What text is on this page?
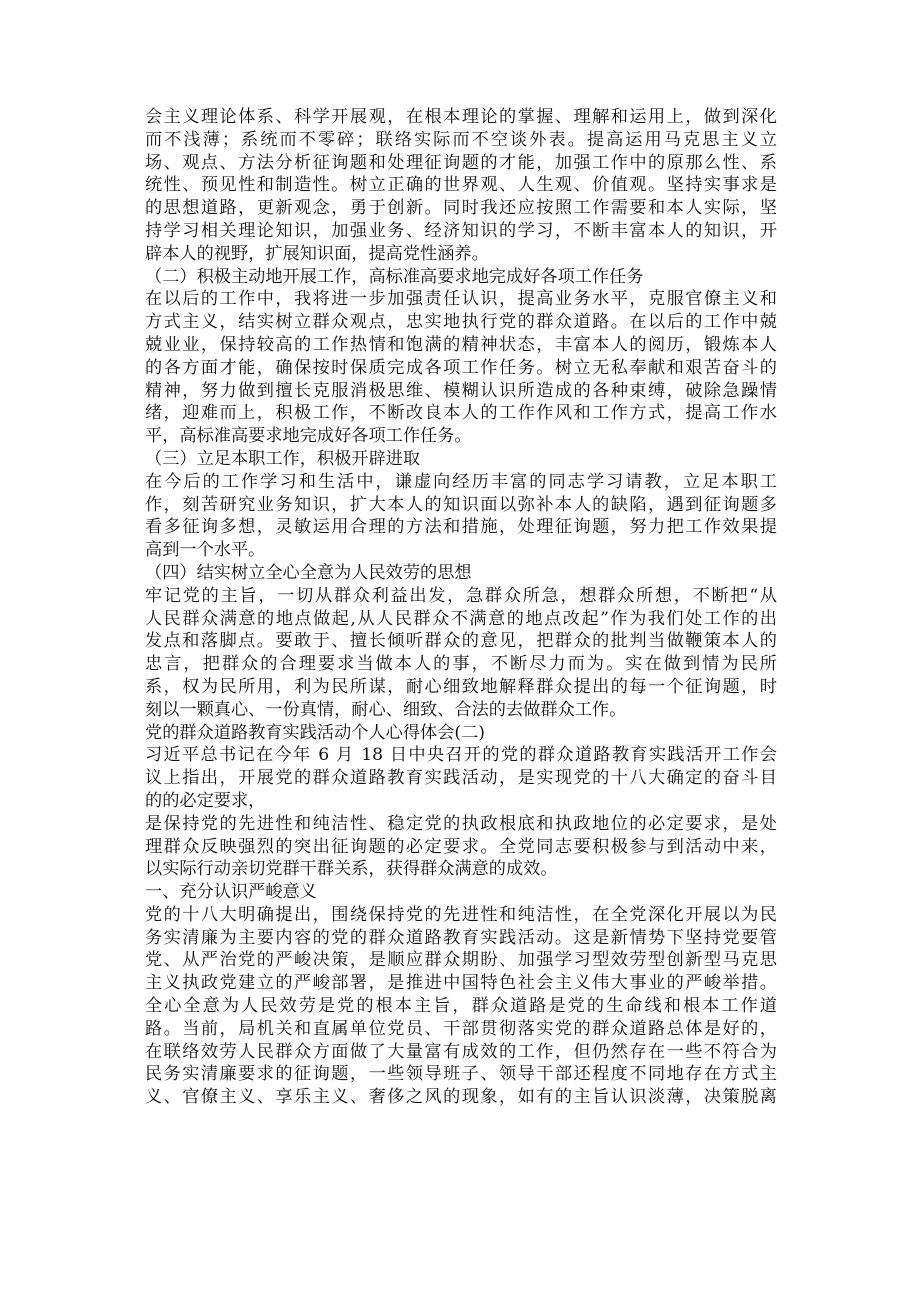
会主义理论体系、科学开展观，在根本理论的掌握、理解和运用上，做到深化
而不浅薄；系统而不零碎；联络实际而不空谈外表。提高运用马克思主义立
场、观点、方法分析征询题和处理征询题的才能，加强工作中的原那么性、系
统性、预见性和制造性。树立正确的世界观、人生观、价值观。坚持实事求是
的思想道路，更新观念，勇于创新。同时我还应按照工作需要和本人实际，坚
持学习相关理论知识，加强业务、经济知识的学习，不断丰富本人的知识，开
辟本人的视野，扩展知识面，提高党性涵养。
（二）积极主动地开展工作，高标准高要求地完成好各项工作任务
在以后的工作中，我将进一步加强责任认识，提高业务水平，克服官僚主义和
方式主义，结实树立群众观点，忠实地执行党的群众道路。在以后的工作中兢
兢业业，保持较高的工作热情和饱满的精神状态，丰富本人的阅历，锻炼本人
的各方面才能，确保按时保质完成各项工作任务。树立无私奉献和艰苦奋斗的
精神，努力做到擅长克服消极思维、模糊认识所造成的各种束缚，破除急躁情
绪，迎难而上，积极工作，不断改良本人的工作作风和工作方式，提高工作水
平，高标准高要求地完成好各项工作任务。
（三）立足本职工作，积极开辟进取
在今后的工作学习和生活中，谦虚向经历丰富的同志学习请教，立足本职工
作，刻苦研究业务知识，扩大本人的知识面以弥补本人的缺陷，遇到征询题多
看多征询多想，灵敏运用合理的方法和措施，处理征询题，努力把工作效果提
高到一个水平。
（四）结实树立全心全意为人民效劳的思想
牢记党的主旨，一切从群众利益出发，急群众所急，想群众所想，不断把“从
人民群众满意的地点做起,从人民群众不满意的地点改起”作为我们处工作的出
发点和落脚点。要敢于、擅长倾听群众的意见，把群众的批判当做鞭策本人的
忠言，把群众的合理要求当做本人的事，不断尽力而为。实在做到情为民所
系，权为民所用，利为民所谋，耐心细致地解释群众提出的每一个征询题，时
刻以一颗真心、一份真情，耐心、细致、合法的去做群众工作。
党的群众道路教育实践活动个人心得体会(二)
习近平总书记在今年 6 月 18 日中央召开的党的群众道路教育实践活开工作会
议上指出，开展党的群众道路教育实践活动，是实现党的十八大确定的奋斗目
的的必定要求，
是保持党的先进性和纯洁性、稳定党的执政根底和执政地位的必定要求，是处
理群众反映强烈的突出征询题的必定要求。全党同志要积极参与到活动中来，
以实际行动亲切党群干群关系，获得群众满意的成效。
一、充分认识严峻意义
党的十八大明确提出，围绕保持党的先进性和纯洁性，在全党深化开展以为民
务实清廉为主要内容的党的群众道路教育实践活动。这是新情势下坚持党要管
党、从严治党的严峻决策，是顺应群众期盼、加强学习型效劳型创新型马克思
主义执政党建立的严峻部署，是推进中国特色社会主义伟大事业的严峻举措。
全心全意为人民效劳是党的根本主旨，群众道路是党的生命线和根本工作道
路。当前，局机关和直属单位党员、干部贯彻落实党的群众道路总体是好的，
在联络效劳人民群众方面做了大量富有成效的工作，但仍然存在一些不符合为
民务实清廉要求的征询题，一些领导班子、领导干部还程度不同地存在方式主
义、官僚主义、享乐主义、奢侈之风的现象，如有的主旨认识淡薄，决策脱离
